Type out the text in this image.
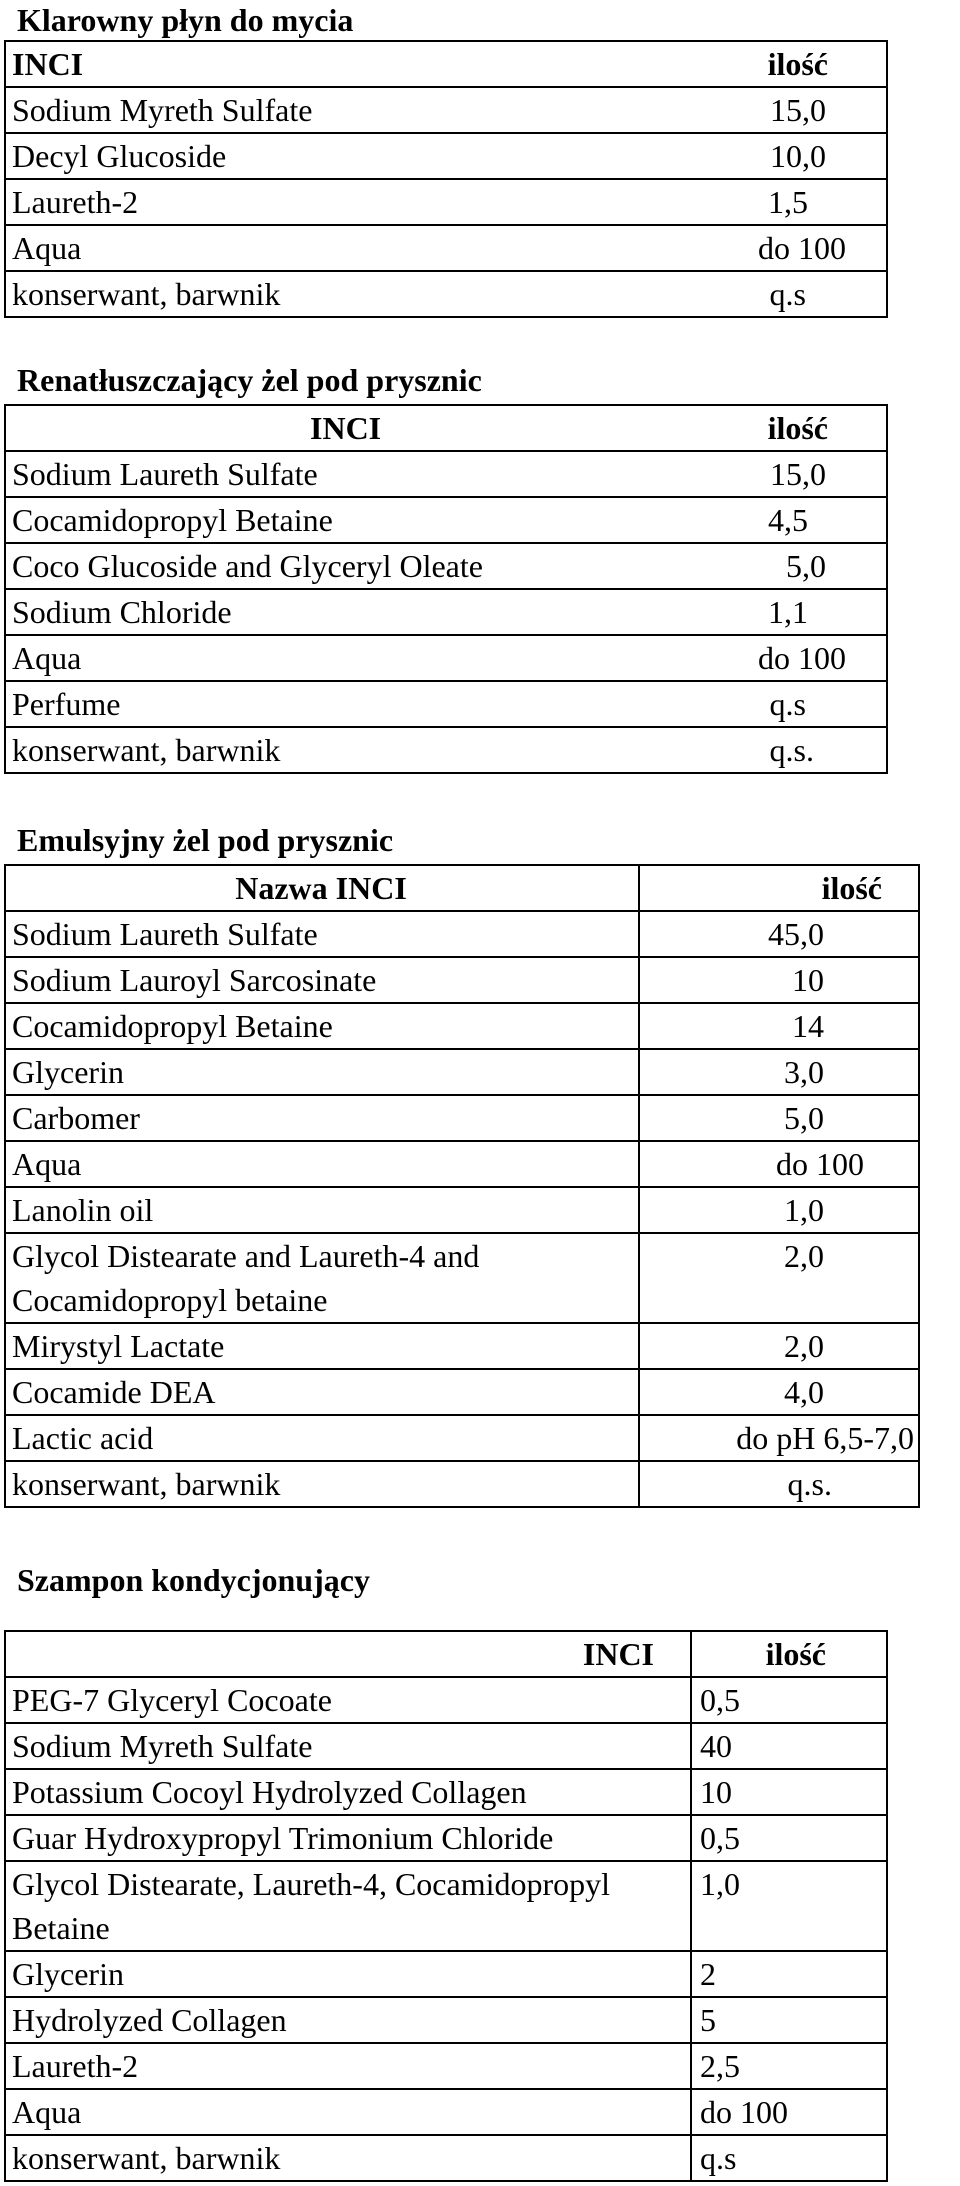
Klarowny płyn do mycia
INCI	ilość

Sodium Myreth Sulfate	15,0

Decyl Glucoside	10,0

Laureth-2	1,5

Aqua	do 100

konserwant, barwnik	q.s
Renatłuszczający żel pod prysznic
INCI	ilość

Sodium Laureth Sulfate	15,0

Cocamidopropyl Betaine	4,5

Coco Glucoside and Glyceryl Oleate	5,0

Sodium Chloride	1,1

Aqua	do 100

Perfume	q.s

konserwant, barwnik	q.s.
Emulsyjny żel pod prysznic
Nazwa INCI	ilość
Sodium Laureth Sulfate	45,0
Sodium Lauroyl Sarcosinate	10
Cocamidopropyl Betaine	14
Glycerin	3,0
Carbomer	5,0
Aqua	do 100
Lanolin oil	1,0
Glycol Distearate and Laureth-4 and Cocamidopropyl betaine	2,0
Mirystyl Lactate	2,0
Cocamide DEA	4,0
Lactic acid	do pH 6,5-7,0
konserwant, barwnik	q.s.
Szampon kondycjonujący
INCI	ilość
PEG-7 Glyceryl Cocoate	0,5
Sodium Myreth Sulfate	40
Potassium Cocoyl Hydrolyzed Collagen	10
Guar Hydroxypropyl Trimonium Chloride	0,5
Glycol Distearate, Laureth-4, Cocamidopropyl Betaine	1,0
Glycerin	2
Hydrolyzed Collagen	5
Laureth-2	2,5
Aqua	do 100
konserwant, barwnik	q.s
